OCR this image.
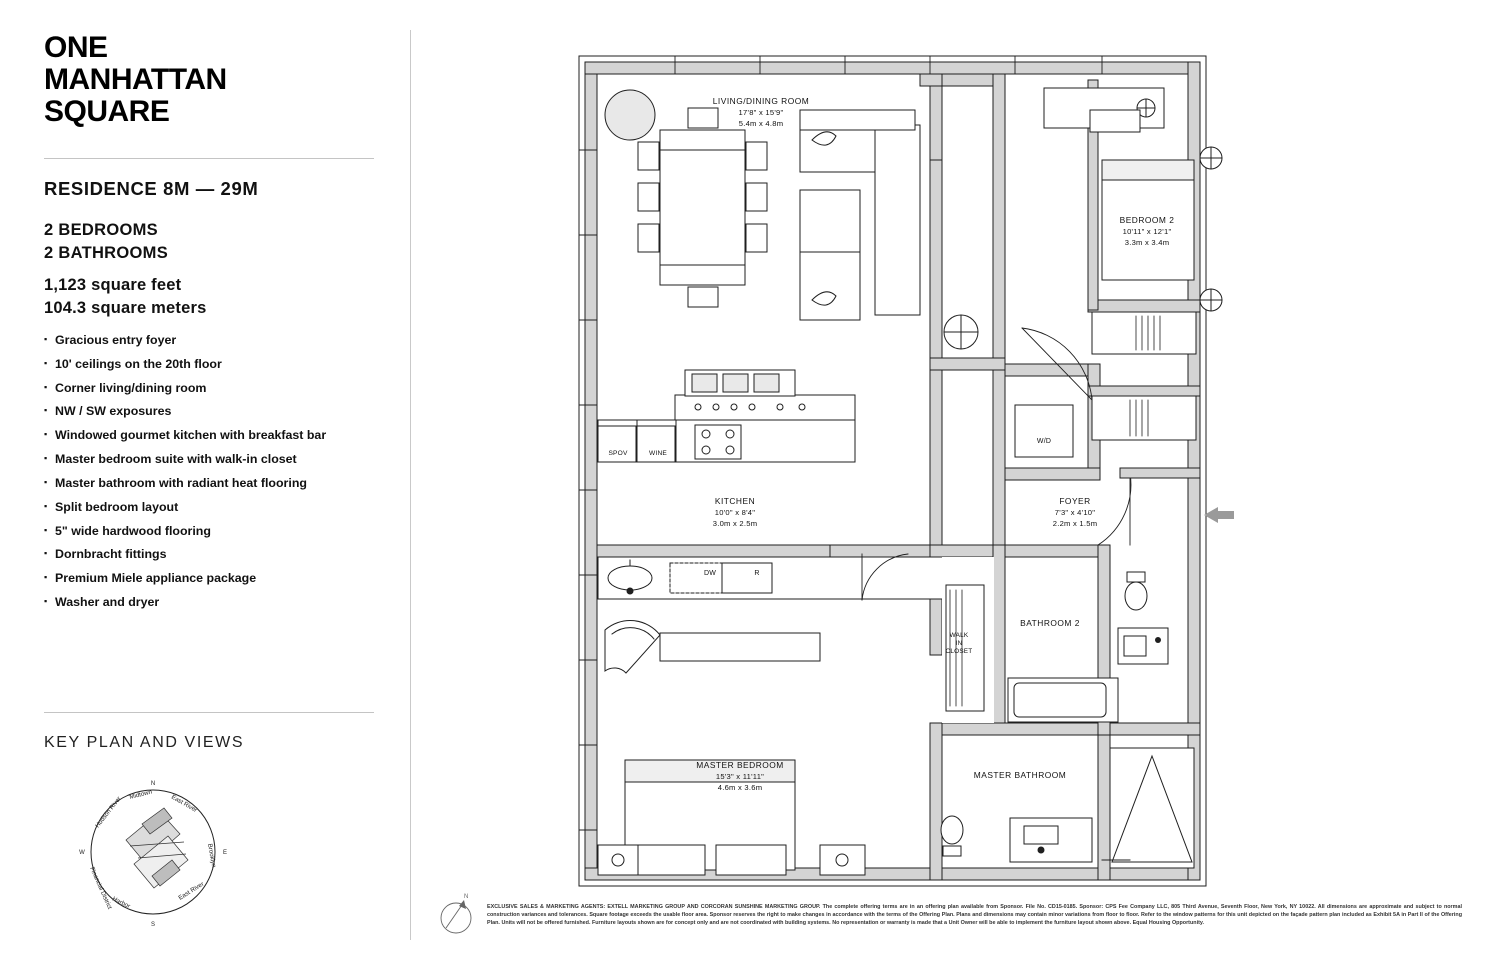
ONE
MANHATTAN
SQUARE
RESIDENCE 8M — 29M
2 BEDROOMS
2 BATHROOMS
1,123 square feet
104.3 square meters
▪
Gracious entry foyer
▪
10' ceilings on the 20th floor
▪
Corner living/dining room
▪
NW / SW exposures
▪
Windowed gourmet kitchen with breakfast bar
▪
Master bedroom suite with walk-in closet
▪
Master bathroom with radiant heat flooring
▪
Split bedroom layout
▪
5" wide hardwood flooring
▪
Dornbracht fittings
▪
Premium Miele appliance package
▪
Washer and dryer
KEY PLAN AND VIEWS
N
E
S
W
Hudson River
Midtown	East River
Brooklyn
East River
Harbor
Financial District
LIVING/DINING ROOM
17'8" x 15'9"
5.4m x 4.8m
BEDROOM 2
10'11" x 12'1"
3.3m x 3.4m
KITCHEN
10'0" x 8'4"
3.0m x 2.5m
FOYER
7'3" x 4'10"
2.2m x 1.5m
MASTER BEDROOM
15'3" x 11'11"
4.6m x 3.6m
MASTER BATHROOM
BATHROOM 2
WALK
IN
CLOSET
W/D
DW	R
SPOV	WINE
N
EXCLUSIVE SALES & MARKETING AGENTS: EXTELL MARKETING GROUP AND CORCORAN SUNSHINE MARKETING GROUP. The complete offering terms are in an offering plan available from Sponsor. File No. CD15-0185. Sponsor: CPS Fee Company LLC, 805 Third Avenue, Seventh Floor, New York, NY 10022. All dimensions are approximate and subject to normal construction variances and tolerances. Square footage exceeds the usable floor area. Sponsor reserves the right to make changes in accordance with the terms of the Offering Plan. Plans and dimensions may contain minor variations from floor to floor. Refer to the window patterns for this unit depicted on the façade pattern plan included as Exhibit 5A in Part II of the Offering Plan. Units will not be offered furnished. Furniture layouts shown are for concept only and are not coordinated with building systems. No representation or warranty is made that a Unit Owner will be able to implement the furniture layout shown above. Equal Housing Opportunity.
